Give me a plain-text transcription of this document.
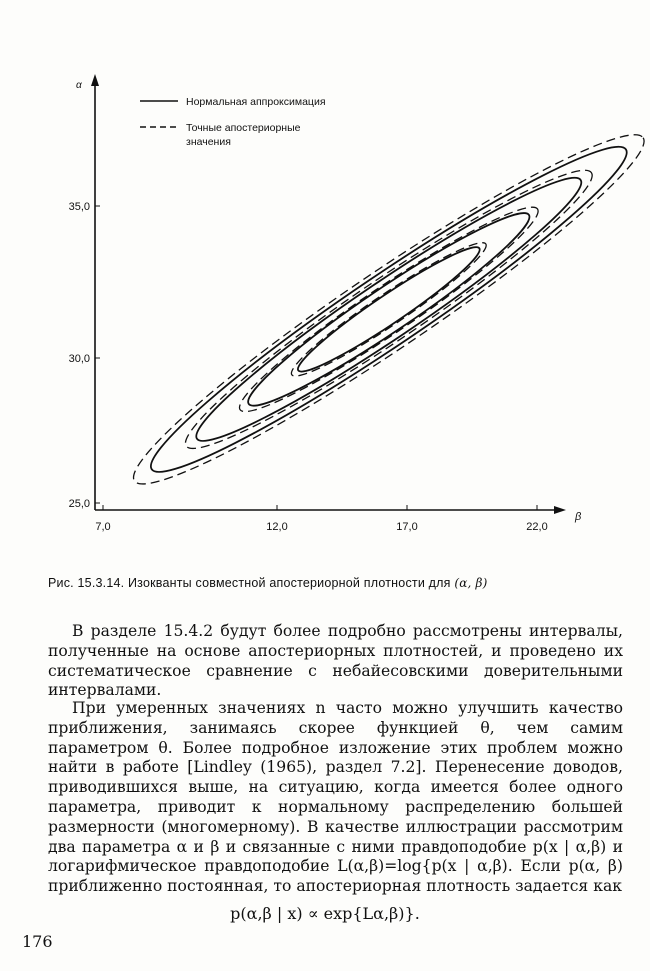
α
β
7,0	12,0	17,0	22,0
25,0
30,0
35,0
Нормальная аппроксимация
Точные апостериорные
значения
Рис. 15.3.14. Изокванты совместной апостериорной плотности для (α, β)
В разделе 15.4.2 будут более подробно рассмотрены интервалы, полученные на основе апостериорных плотностей, и проведено их систематическое сравнение с небайесовскими доверительными интервалами.
При умеренных значениях n часто можно улучшить качество приближения, занимаясь скорее функцией θ, чем самим параметром θ. Более подробное изложение этих проблем можно найти в работе [Lindley (1965), раздел 7.2]. Перенесение доводов, приводившихся выше, на ситуацию, когда имеется более одного параметра, приводит к нормальному распределению большей размерности (многомерному). В качестве иллюстрации рассмотрим два параметра α и β и связанные с ними правдоподобие p(x | α,β) и логарифмическое правдоподобие L(α,β)=log{p(x | α,β). Если p(α, β) приближенно постоянная, то апостериорная плотность задается как
p(α,β | x) ∝ exp{Lα,β)}.
176
